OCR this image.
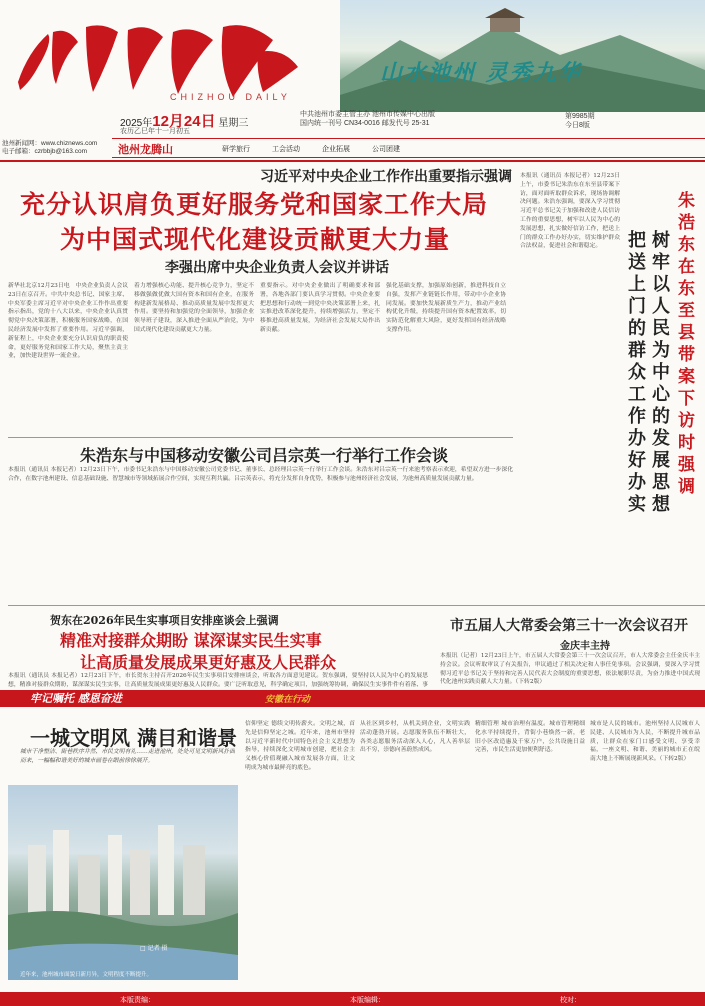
CHIZHOU DAILY
山水池州 灵秀九华
2025年12月24日 星期三
农历乙巳年十一月初五
中共池州市委主管主办 池州市传媒中心出版
国内统一刊号 CN34-0016 邮发代号 25-31
第9985期
今日8版
池州新闻网：www.chiznews.com
电子邮箱：czrbbjb@163.com	池州龙腾山	研学旅行	工会活动	企业拓展	公司团建
习近平对中央企业工作作出重要指示强调
充分认识肩负更好服务党和国家工作大局
为中国式现代化建设贡献更大力量
李强出席中央企业负责人会议并讲话
新华社北京12月23日电　中央企业负责人会议23日在京召开。中共中央总书记、国家主席、中央军委主席习近平对中央企业工作作出重要指示指出，党的十八大以来，中央企业认真贯彻党中央决策部署，积极服务国家战略，在国民经济发展中发挥了重要作用。习近平强调，新征程上，中央企业要充分认识肩负的职责使命，更好服务党和国家工作大局，聚焦主责主业，加快建设世界一流企业。
着力增强核心功能、提升核心竞争力，坚定不移做强做优做大国有资本和国有企业，在服务构建新发展格局、推动高质量发展中发挥更大作用。要坚持和加强党的全面领导，加强企业领导班子建设，深入推进全面从严治党，为中国式现代化建设贡献更大力量。
重要指示。对中央企业做出了明确要求和部署，各地各部门要认真学习贯彻。中央企业要把思想和行动统一到党中央决策部署上来，扎实推进改革深化提升，持续增强活力，坚定不移推进高质量发展，为经济社会发展大局作出新贡献。
强化基础支撑，加强原始创新，推进科技自立自强，发挥产业链链长作用，带动中小企业协同发展。要加快发展新质生产力，推动产业结构优化升级，持续提升国有资本配置效率，切实防范化解重大风险，更好发挥国有经济战略支撑作用。
朱浩东在东至县带案下访时强调
树牢以人民为中心的发展思想
把送上门的群众工作办好办实
本报讯（通讯员 本报记者）12月23日上午，市委书记朱浩东在东至县带案下访，面对面听取群众诉求，现场协调解决问题。朱浩东强调，要深入学习贯彻习近平总书记关于加强和改进人民信访工作的重要思想，树牢以人民为中心的发展思想，扎实做好信访工作，把送上门的群众工作办好办实，切实维护群众合法权益，促进社会和谐稳定。
朱浩东与中国移动安徽公司吕宗英一行举行工作会谈
本报讯（通讯员 本报记者）12月23日下午，市委书记朱浩东与中国移动安徽公司党委书记、董事长、总经理吕宗英一行举行工作会谈。朱浩东对吕宗英一行来池考察表示欢迎，希望双方进一步深化合作，在数字池州建设、信息基础设施、智慧城市等领域拓展合作空间，实现互利共赢。吕宗英表示，将充分发挥自身优势，积极参与池州经济社会发展，为池州高质量发展贡献力量。
贺东在2026年民生实事项目安排座谈会上强调
精准对接群众期盼 谋深谋实民生实事
让高质量发展成果更好惠及人民群众
本报讯（通讯员 本报记者）12月23日下午，市长贺东主持召开2026年民生实事项目安排座谈会，听取各方面意见建议。贺东强调，要坚持以人民为中心的发展思想，精准对接群众期盼，谋深谋实民生实事，让高质量发展成果更好惠及人民群众。要广泛听取意见，科学确定项目，加强统筹协调，确保民生实事件件有着落、事
市五届人大常委会第三十一次会议召开
金庆丰主持
本报讯（记者）12月23日上午，市五届人大常委会第三十一次会议召开，市人大常委会主任金庆丰主持会议。会议听取审议了有关报告，审议通过了相关决定和人事任免事项。会议强调，要深入学习贯彻习近平总书记关于坚持和完善人民代表大会制度的重要思想，依法履职尽责，为奋力推进中国式现代化池州实践贡献人大力量。（下转2版）
牢记嘱托 感恩奋进	安徽在行动
一城文明风 满目和谐景
城市干净整洁、街巷秩序井然、市民文明有礼……走进池州，处处可见文明新风扑面而来，一幅幅和谐美好的城市画卷在眼前徐徐展开。
□ 记者 摄
近年来，池州城市面貌日新月异，文明程度不断提升。
信仰坚定 德续文明传薪火。文明之城，首先是信仰坚定之城。近年来，池州市坚持以习近平新时代中国特色社会主义思想为指导，持续深化文明城市创建，把社会主义核心价值观融入城市发展各方面，让文明成为城市最鲜亮的底色。
从社区到乡村，从机关到企业，文明实践活动蓬勃开展。志愿服务队伍不断壮大，各类志愿服务活动深入人心，凡人善举层出不穷，崇德向善蔚然成风。
精细管理 城市治理有温度。城市管理精细化水平持续提升，背街小巷焕然一新，老旧小区改造惠及千家万户，公共设施日益完善，市民生活更加便利舒适。
城市是人民的城市。池州坚持人民城市人民建、人民城市为人民，不断提升城市品质，让群众在家门口感受文明、享受幸福，一座文明、和谐、美丽的城市正在皖南大地上不断展现新风采。（下转2版）
本版责编：	本版编辑：	校对：
